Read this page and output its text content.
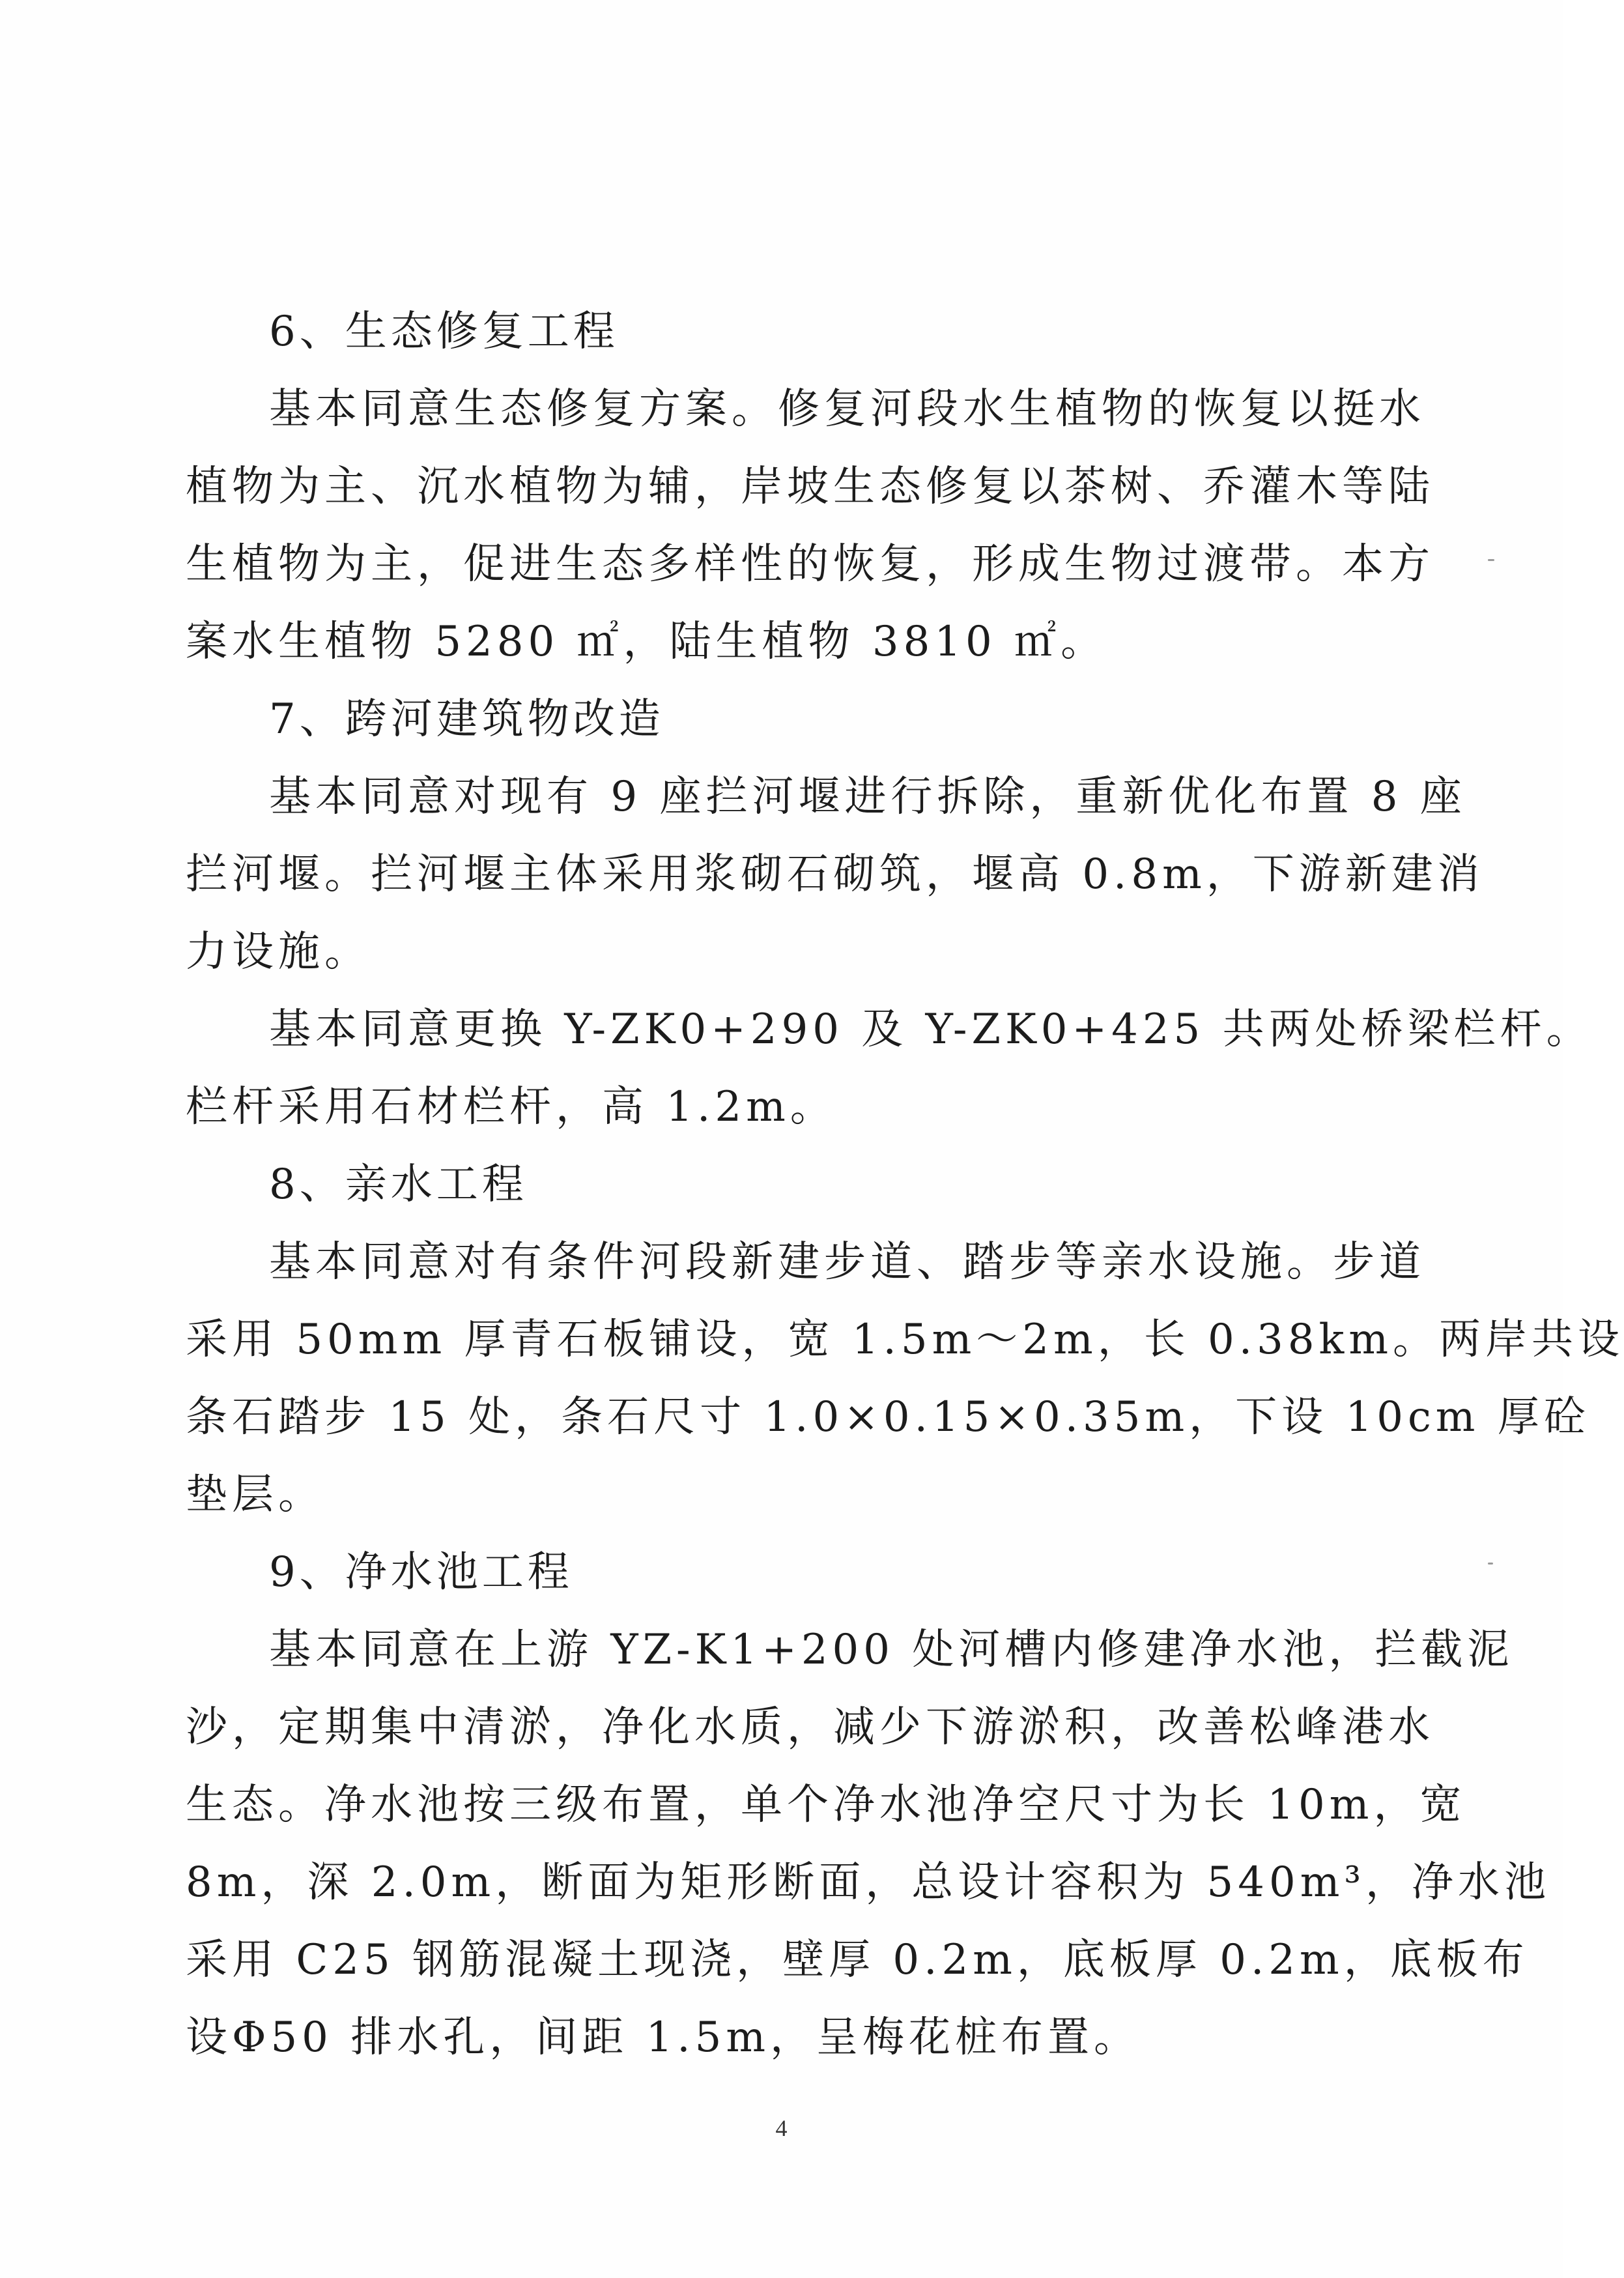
6、生态修复工程
基本同意生态修复方案。修复河段水生植物的恢复以挺水
植物为主、沉水植物为辅，岸坡生态修复以茶树、乔灌木等陆
生植物为主，促进生态多样性的恢复，形成生物过渡带。本方
案水生植物 5280 ㎡，陆生植物 3810 ㎡。
7、跨河建筑物改造
基本同意对现有 9 座拦河堰进行拆除，重新优化布置 8 座
拦河堰。拦河堰主体采用浆砌石砌筑，堰高 0.8m，下游新建消
力设施。
基本同意更换 Y-ZK0+290 及 Y-ZK0+425 共两处桥梁栏杆。
栏杆采用石材栏杆，高 1.2m。
8、亲水工程
基本同意对有条件河段新建步道、踏步等亲水设施。步道
采用 50mm 厚青石板铺设，宽 1.5m～2m，长 0.38km。两岸共设
条石踏步 15 处，条石尺寸 1.0×0.15×0.35m，下设 10cm 厚砼
垫层。
9、净水池工程
基本同意在上游 YZ-K1+200 处河槽内修建净水池，拦截泥
沙，定期集中清淤，净化水质，减少下游淤积，改善松峰港水
生态。净水池按三级布置，单个净水池净空尺寸为长 10m，宽
8m，深 2.0m，断面为矩形断面，总设计容积为 540m³，净水池
采用 C25 钢筋混凝土现浇，壁厚 0.2m，底板厚 0.2m，底板布
设Φ50 排水孔，间距 1.5m，呈梅花桩布置。
4
